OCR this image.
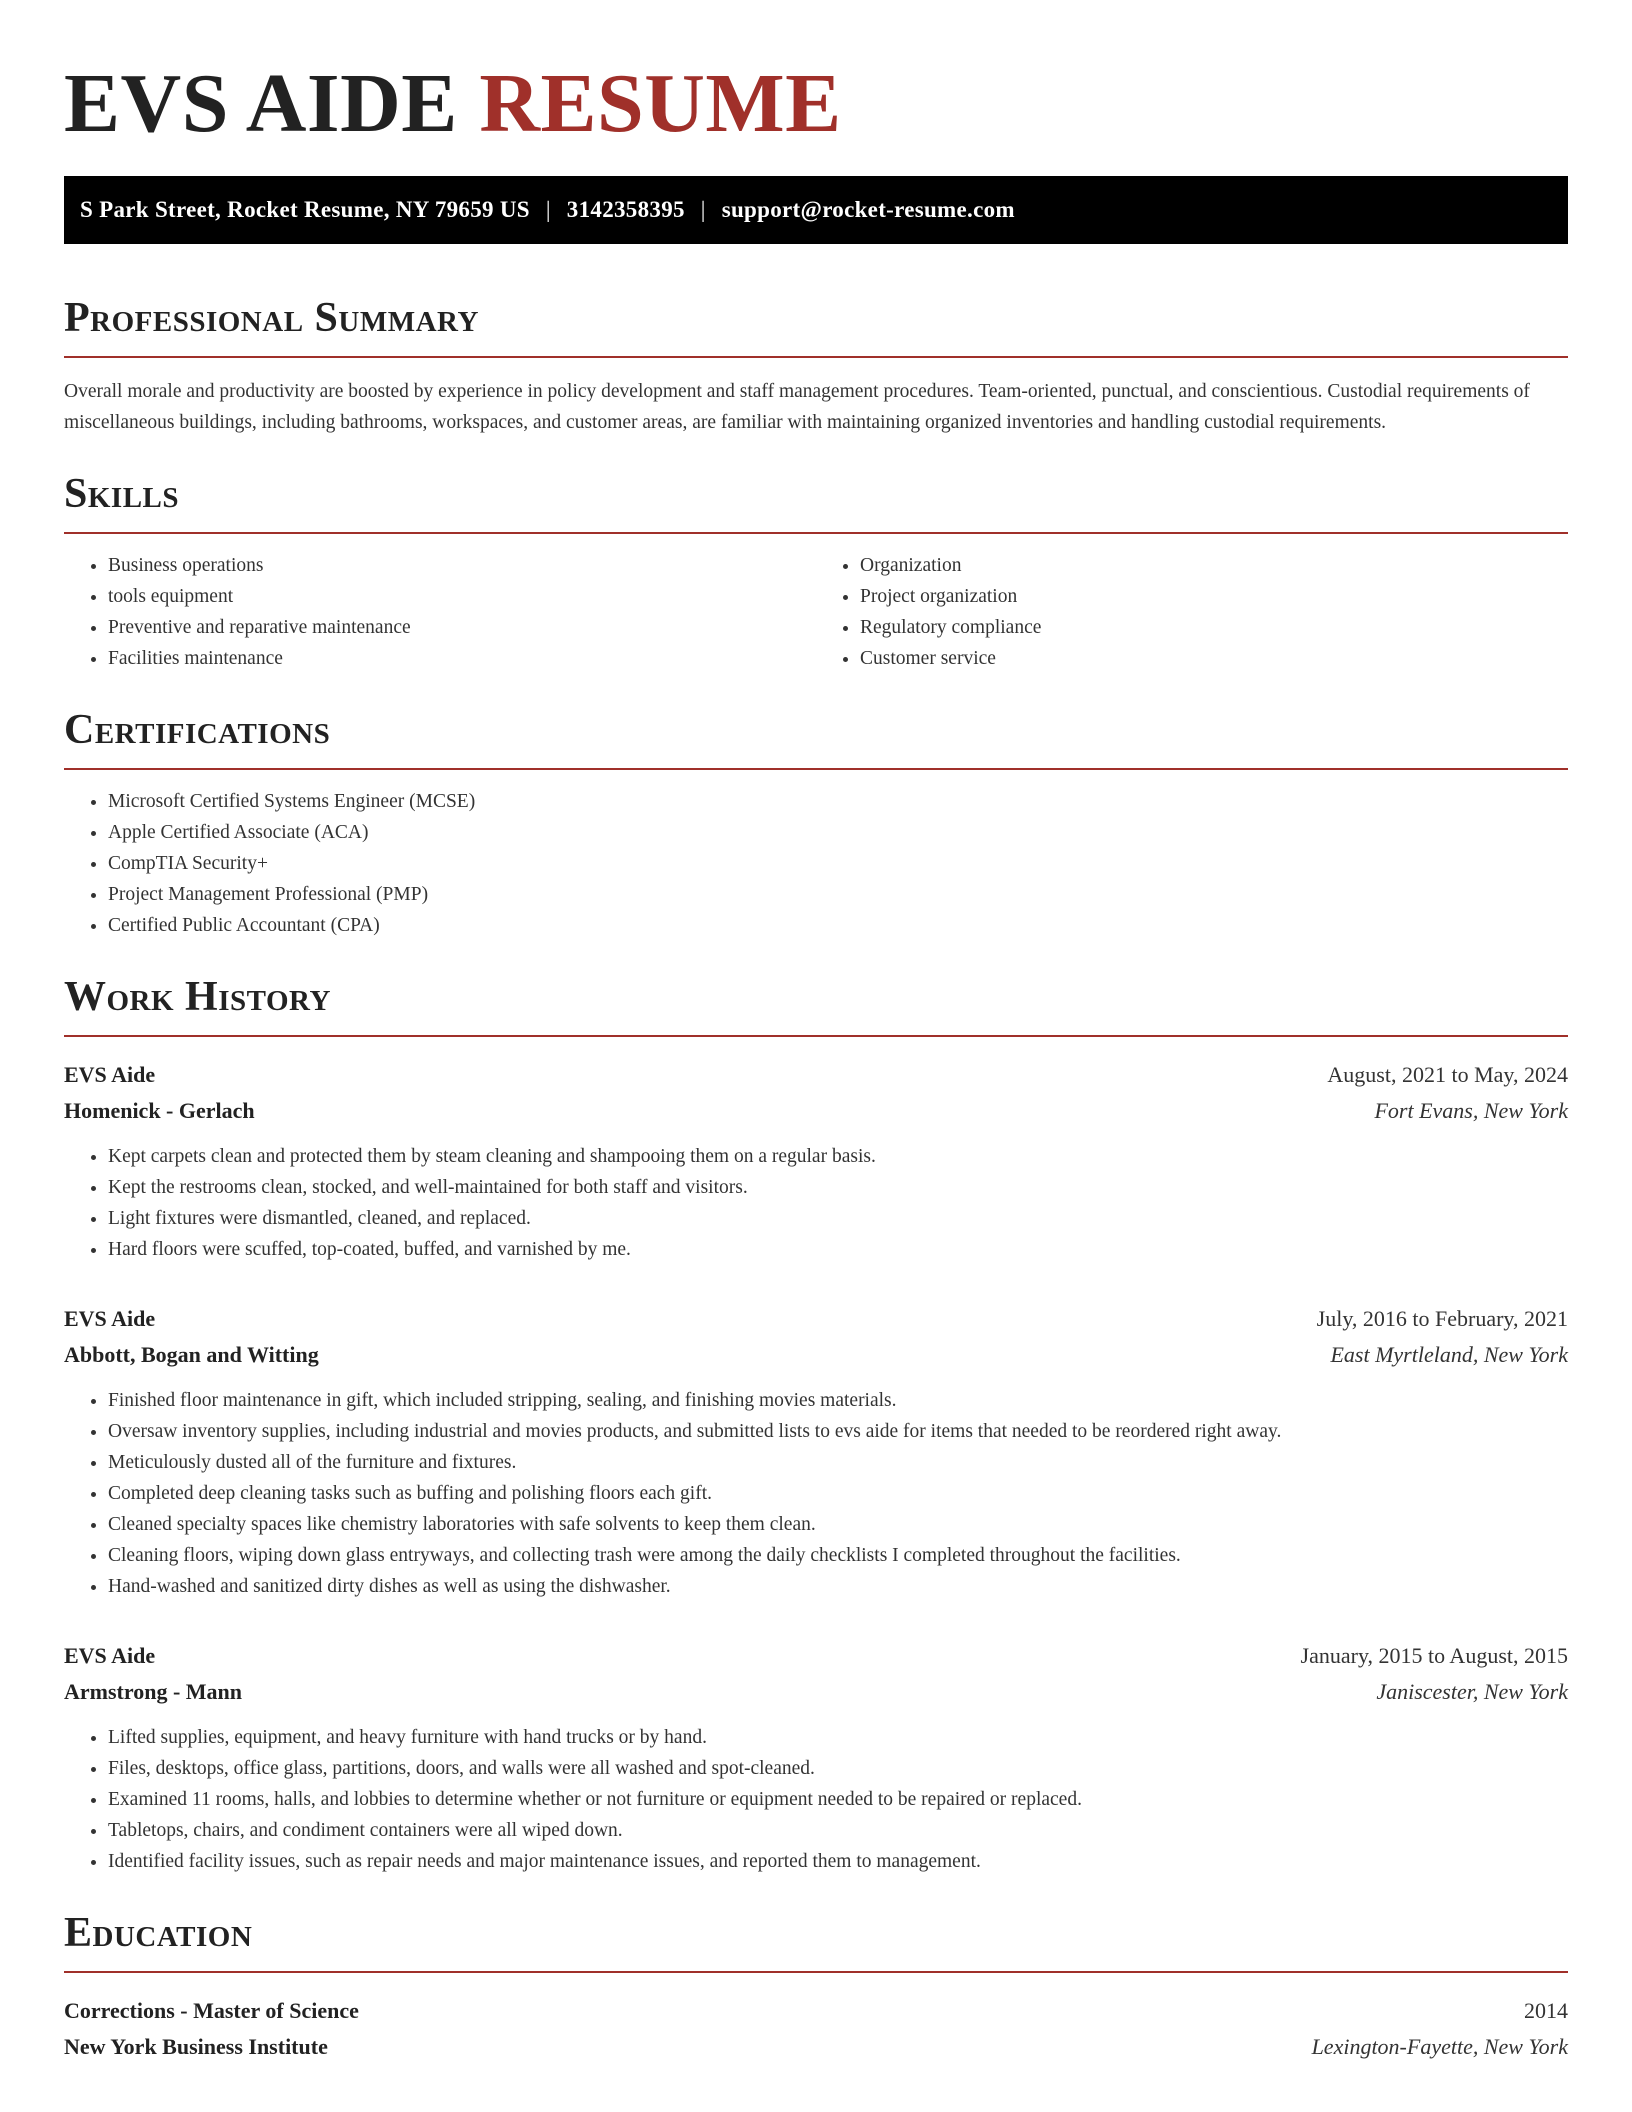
EVS AIDE RESUME
S Park Street, Rocket Resume, NY 79659 US | 3142358395 | support@rocket-resume.com
Professional Summary

Overall morale and productivity are boosted by experience in policy development and staff management procedures. Team-oriented, punctual, and conscientious. Custodial requirements of miscellaneous buildings, including bathrooms, workspaces, and customer areas, are familiar with maintaining organized inventories and handling custodial requirements.

Skills
• Business operations
• tools equipment
• Preventive and reparative maintenance
• Facilities maintenance
• Organization
• Project organization
• Regulatory compliance
• Customer service
Certifications
• Microsoft Certified Systems Engineer (MCSE)
• Apple Certified Associate (ACA)
• CompTIA Security+
• Project Management Professional (PMP)
• Certified Public Accountant (CPA)
Work History
EVS Aide	August, 2021 to May, 2024
Homenick - Gerlach	Fort Evans, New York
• Kept carpets clean and protected them by steam cleaning and shampooing them on a regular basis.
• Kept the restrooms clean, stocked, and well-maintained for both staff and visitors.
• Light fixtures were dismantled, cleaned, and replaced.
• Hard floors were scuffed, top-coated, buffed, and varnished by me.
EVS Aide	July, 2016 to February, 2021
Abbott, Bogan and Witting	East Myrtleland, New York
• Finished floor maintenance in gift, which included stripping, sealing, and finishing movies materials.
• Oversaw inventory supplies, including industrial and movies products, and submitted lists to evs aide for items that needed to be reordered right away.
• Meticulously dusted all of the furniture and fixtures.
• Completed deep cleaning tasks such as buffing and polishing floors each gift.
• Cleaned specialty spaces like chemistry laboratories with safe solvents to keep them clean.
• Cleaning floors, wiping down glass entryways, and collecting trash were among the daily checklists I completed throughout the facilities.
• Hand-washed and sanitized dirty dishes as well as using the dishwasher.
EVS Aide	January, 2015 to August, 2015
Armstrong - Mann	Janiscester, New York
• Lifted supplies, equipment, and heavy furniture with hand trucks or by hand.
• Files, desktops, office glass, partitions, doors, and walls were all washed and spot-cleaned.
• Examined 11 rooms, halls, and lobbies to determine whether or not furniture or equipment needed to be repaired or replaced.
• Tabletops, chairs, and condiment containers were all wiped down.
• Identified facility issues, such as repair needs and major maintenance issues, and reported them to management.
Education
Corrections - Master of Science	2014
New York Business Institute	Lexington-Fayette, New York
